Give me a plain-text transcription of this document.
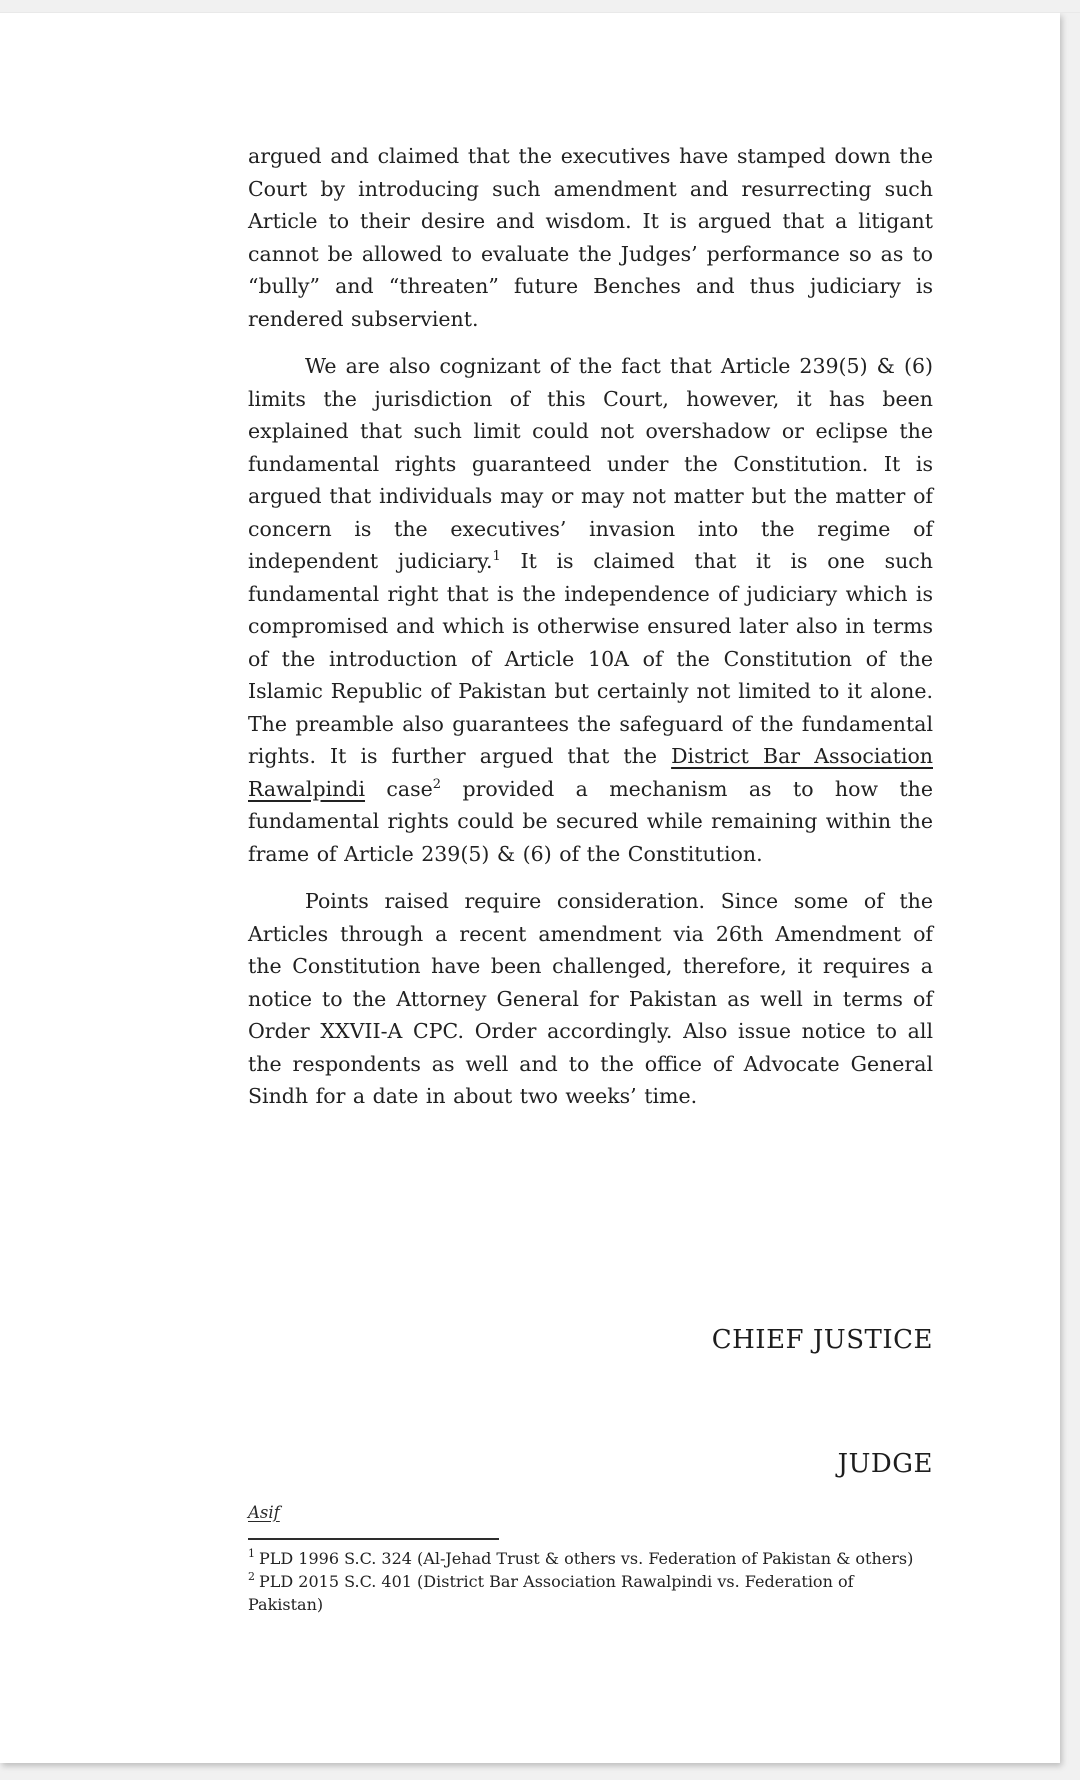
argued and claimed that the executives have stamped down the Court by introducing such amendment and resurrecting such Article to their desire and wisdom. It is argued that a litigant cannot be allowed to evaluate the Judges’ performance so as to “bully” and “threaten” future Benches and thus judiciary is rendered subservient.

We are also cognizant of the fact that Article 239(5) & (6) limits the jurisdiction of this Court, however, it has been explained that such limit could not overshadow or eclipse the fundamental rights guaranteed under the Constitution. It is argued that individuals may or may not matter but the matter of concern is the executives’ invasion into the regime of independent judiciary.$^1$ It is claimed that it is one such fundamental right that is the independence of judiciary which is compromised and which is otherwise ensured later also in terms of the introduction of Article 10A of the Constitution of the Islamic Republic of Pakistan but certainly not limited to it alone. The preamble also guarantees the safeguard of the fundamental rights. It is further argued that the District Bar Association Rawalpindi case$^2$ provided a mechanism as to how the fundamental rights could be secured while remaining within the frame of Article 239(5) & (6) of the Constitution.

Points raised require consideration. Since some of the Articles through a recent amendment via 26th Amendment of the Constitution have been challenged, therefore, it requires a notice to the Attorney General for Pakistan as well in terms of Order XXVII-A CPC. Order accordingly. Also issue notice to all the respondents as well and to the office of Advocate General Sindh for a date in about two weeks’ time.

CHIEF JUSTICE
JUDGE
Asif
$^1$ PLD 1996 S.C. 324 (Al-Jehad Trust & others vs. Federation of Pakistan & others)
$^2$ PLD 2015 S.C. 401 (District Bar Association Rawalpindi vs. Federation of Pakistan)
